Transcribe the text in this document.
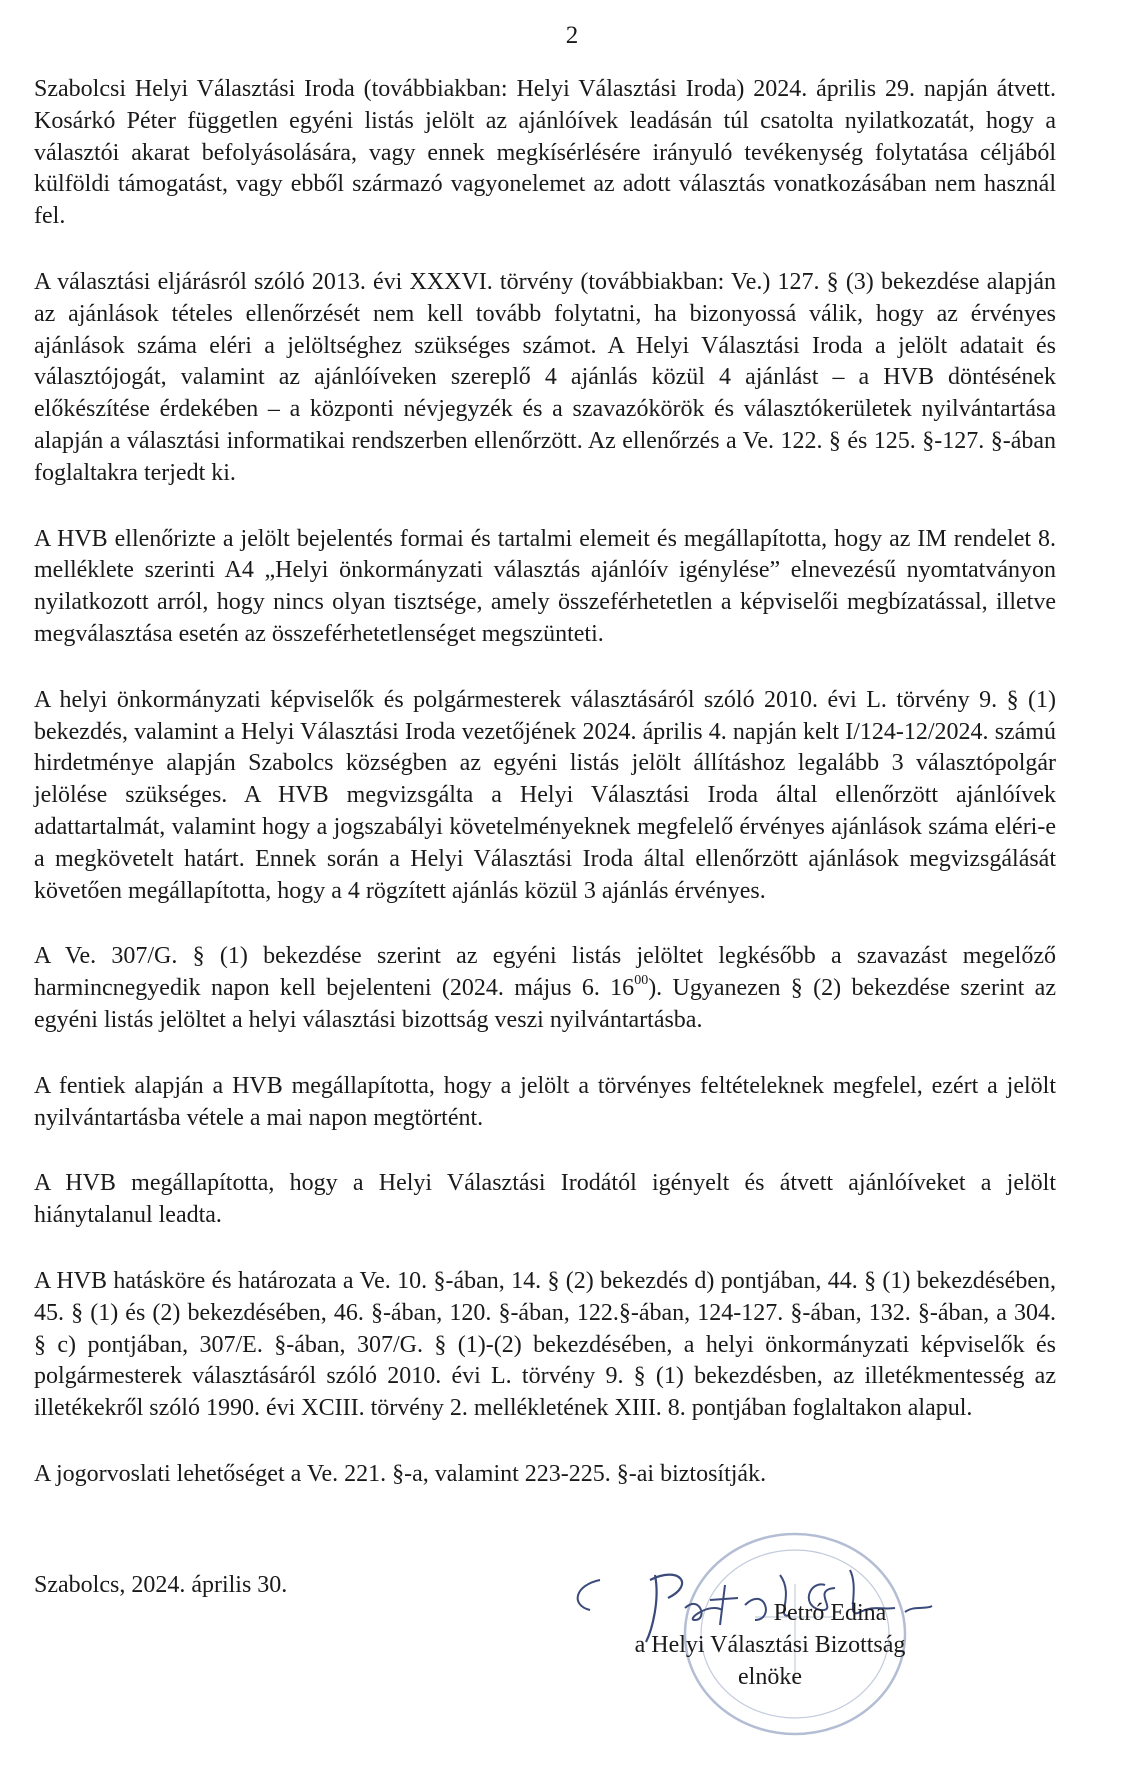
2

Szabolcsi Helyi Választási Iroda (továbbiakban: Helyi Választási Iroda) 2024. április 29. napján átvett. Kosárkó Péter független egyéni listás jelölt az ajánlóívek leadásán túl csatolta nyilatkozatát, hogy a választói akarat befolyásolására, vagy ennek megkísérlésére irányuló tevékenység folytatása céljából külföldi támogatást, vagy ebből származó vagyonelemet az adott választás vonatkozásában nem használ fel.

A választási eljárásról szóló 2013. évi XXXVI. törvény (továbbiakban: Ve.) 127. § (3) bekezdése alapján az ajánlások tételes ellenőrzését nem kell tovább folytatni, ha bizonyossá válik, hogy az érvényes ajánlások száma eléri a jelöltséghez szükséges számot. A Helyi Választási Iroda a jelölt adatait és választójogát, valamint az ajánlóíveken szereplő 4 ajánlás közül 4 ajánlást – a HVB döntésének előkészítése érdekében – a központi névjegyzék és a szavazókörök és választókerületek nyilvántartása alapján a választási informatikai rendszerben ellenőrzött. Az ellenőrzés a Ve. 122. § és 125. §-127. §-ában foglaltakra terjedt ki.

A HVB ellenőrizte a jelölt bejelentés formai és tartalmi elemeit és megállapította, hogy az IM rendelet 8. melléklete szerinti A4 „Helyi önkormányzati választás ajánlóív igénylése” elnevezésű nyomtatványon nyilatkozott arról, hogy nincs olyan tisztsége, amely összeférhetetlen a képviselői megbízatással, illetve megválasztása esetén az összeférhetetlenséget megszünteti.

A helyi önkormányzati képviselők és polgármesterek választásáról szóló 2010. évi L. törvény 9. § (1) bekezdés, valamint a Helyi Választási Iroda vezetőjének 2024. április 4. napján kelt I/124-12/2024. számú hirdetménye alapján Szabolcs községben az egyéni listás jelölt állításhoz legalább 3 választópolgár jelölése szükséges. A HVB megvizsgálta a Helyi Választási Iroda által ellenőrzött ajánlóívek adattartalmát, valamint hogy a jogszabályi követelményeknek megfelelő érvényes ajánlások száma eléri-e a megkövetelt határt. Ennek során a Helyi Választási Iroda által ellenőrzött ajánlások megvizsgálását követően megállapította, hogy a 4 rögzített ajánlás közül 3 ajánlás érvényes.

A Ve. 307/G. § (1) bekezdése szerint az egyéni listás jelöltet legkésőbb a szavazást megelőző harmincnegyedik napon kell bejelenteni (2024. május 6. $16^{00}$). Ugyanezen § (2) bekezdése szerint az egyéni listás jelöltet a helyi választási bizottság veszi nyilvántartásba.

A fentiek alapján a HVB megállapította, hogy a jelölt a törvényes feltételeknek megfelel, ezért a jelölt nyilvántartásba vétele a mai napon megtörtént.

A HVB megállapította, hogy a Helyi Választási Irodától igényelt és átvett ajánlóíveket a jelölt hiánytalanul leadta.

A HVB hatásköre és határozata a Ve. 10. §-ában, 14. § (2) bekezdés d) pontjában, 44. § (1) bekezdésében, 45. § (1) és (2) bekezdésében, 46. §-ában, 120. §-ában, 122.§-ában, 124-127. §-ában, 132. §-ában, a 304. § c) pontjában, 307/E. §-ában, 307/G. § (1)-(2) bekezdésében, a helyi önkormányzati képviselők és polgármesterek választásáról szóló 2010. évi L. törvény 9. § (1) bekezdésben, az illetékmentesség az illetékekről szóló 1990. évi XCIII. törvény 2. mellékletének XIII. 8. pontjában foglaltakon alapul.

A jogorvoslati lehetőséget a Ve. 221. §-a, valamint 223-225. §-ai biztosítják.

Szabolcs, 2024. április 30.
Petró Edina
a Helyi Választási Bizottság
elnöke
